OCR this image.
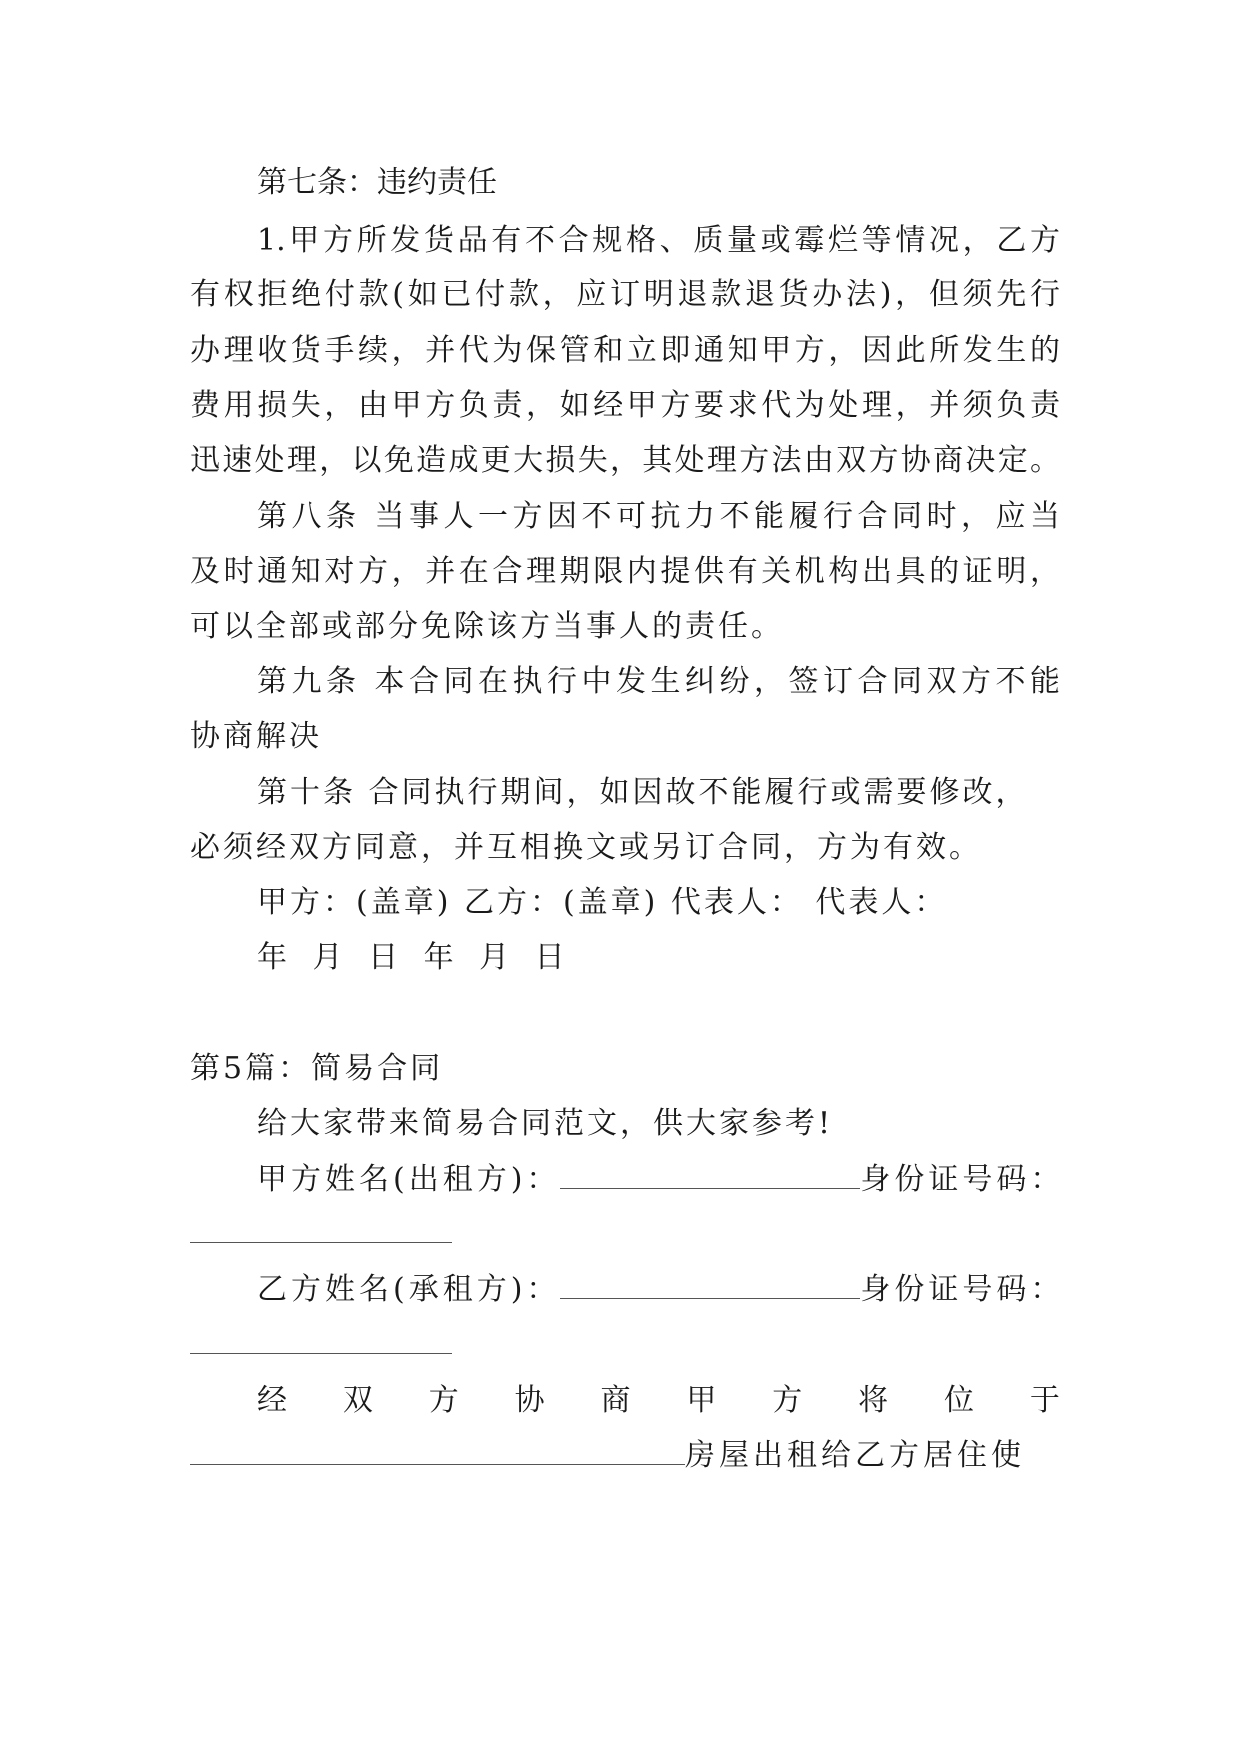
第七条：违约责任
1.甲方所发货品有不合规格、质量或霉烂等情况，乙方
有权拒绝付款(如已付款，应订明退款退货办法)，但须先行
办理收货手续，并代为保管和立即通知甲方，因此所发生的
费用损失，由甲方负责，如经甲方要求代为处理，并须负责
迅速处理，以免造成更大损失，其处理方法由双方协商决定。
第八条 当事人一方因不可抗力不能履行合同时，应当
及时通知对方，并在合理期限内提供有关机构出具的证明，
可以全部或部分免除该方当事人的责任。
第九条 本合同在执行中发生纠纷，签订合同双方不能
协商解决
第十条 合同执行期间，如因故不能履行或需要修改，
必须经双方同意，并互相换文或另订合同，方为有效。
甲方：(盖章) 乙方：(盖章) 代表人： 代表人：
年 月 日 年 月 日
第5篇：简易合同
给大家带来简易合同范文，供大家参考!
甲方姓名(出租方)：	身份证号码：
乙方姓名(承租方)：	身份证号码：
经 双 方 协 商 甲 方 将 位 于
房屋出租给乙方居住使
